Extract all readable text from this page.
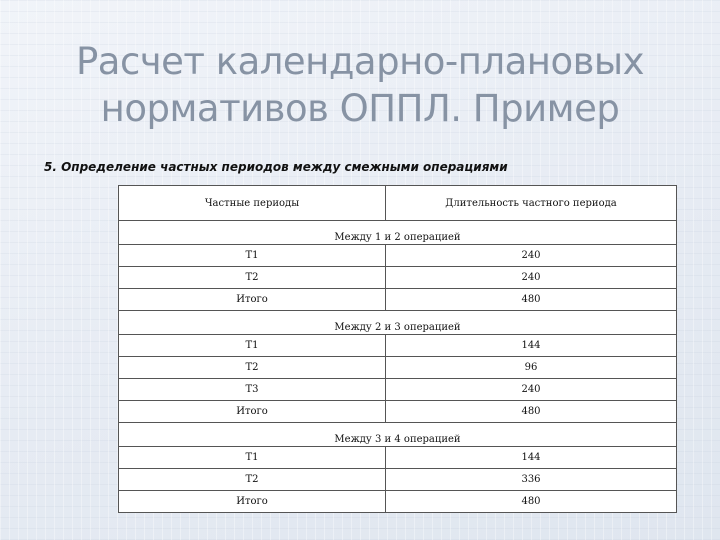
Расчет календарно-плановых
нормативов ОППЛ. Пример
5. Определение частных периодов между смежными операциями
Частные периоды	Длительность частного периода
Между 1 и 2 операцией	
T1	240
T2	240
Итого	480
Между 2 и 3 операцией	
T1	144
T2	96
T3	240
Итого	480
Между 3 и 4 операцией	
T1	144
T2	336
Итого	480
